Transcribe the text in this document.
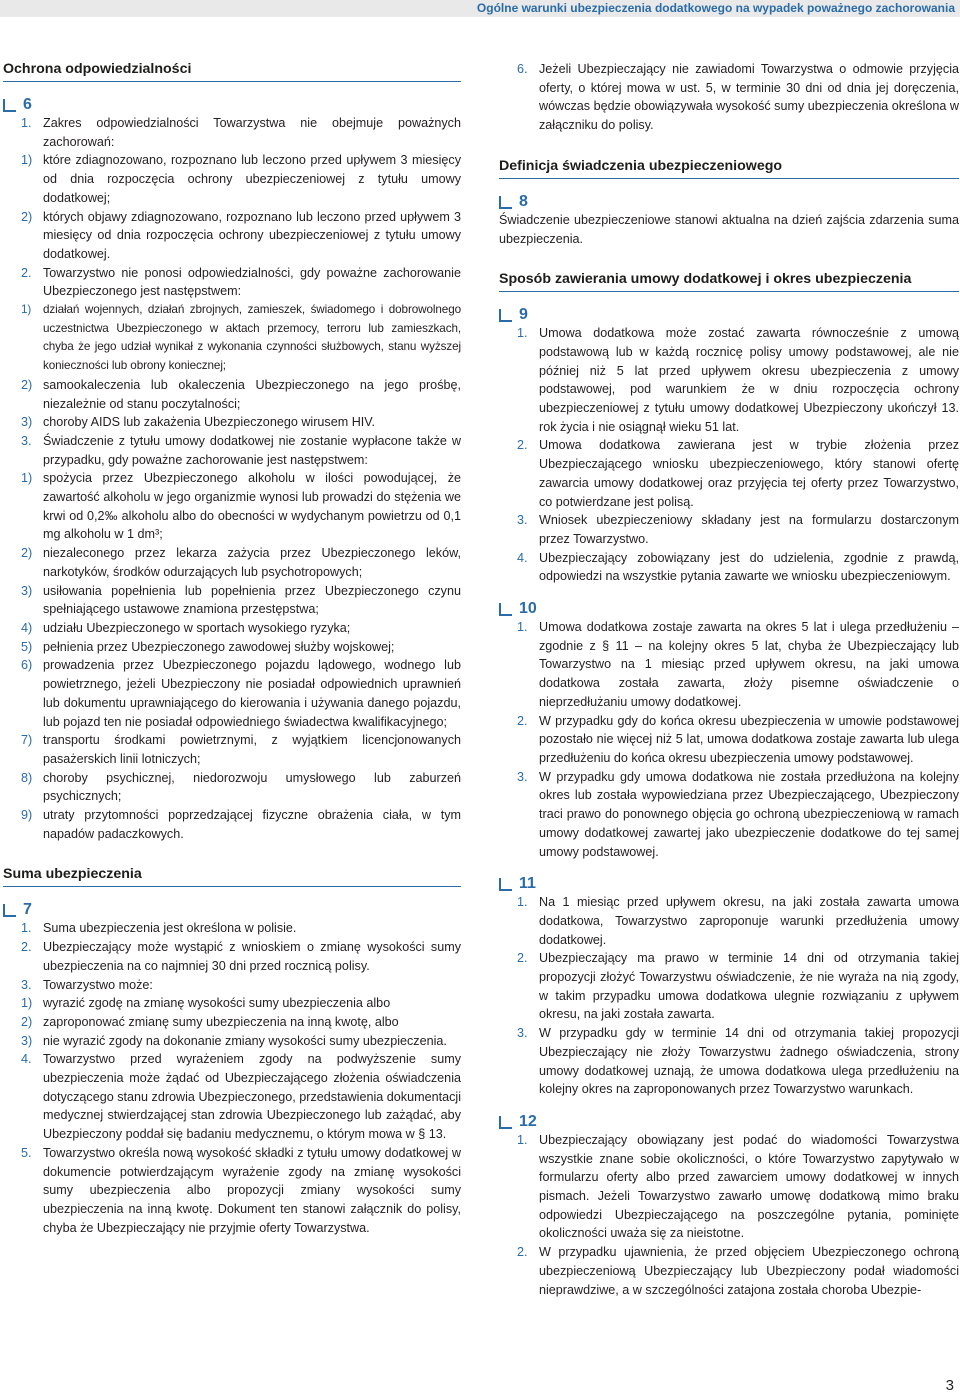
Ogólne warunki ubezpieczenia dodatkowego na wypadek poważnego zachorowania
Ochrona odpowiedzialności
6
1. Zakres odpowiedzialności Towarzystwa nie obejmuje poważnych zachorowań:
1) które zdiagnozowano, rozpoznano lub leczono przed upływem 3 miesięcy od dnia rozpoczęcia ochrony ubezpieczeniowej z tytułu umowy dodatkowej;
2) których objawy zdiagnozowano, rozpoznano lub leczono przed upływem 3 miesięcy od dnia rozpoczęcia ochrony ubezpieczeniowej z tytułu umowy dodatkowej.
2. Towarzystwo nie ponosi odpowiedzialności, gdy poważne zachorowanie Ubezpieczonego jest następstwem:
1)	działań wojennych, działań zbrojnych, zamieszek, świadomego i dobrowolnego uczestnictwa Ubezpieczonego w aktach przemocy, terroru lub zamieszkach, chyba że jego udział wynikał z wykonania czynności służbowych, stanu wyższej konieczności lub obrony koniecznej;
2) samookaleczenia lub okaleczenia Ubezpieczonego na jego prośbę, niezależnie od stanu poczytalności;
3) choroby AIDS lub zakażenia Ubezpieczonego wirusem HIV.
3. Świadczenie z tytułu umowy dodatkowej nie zostanie wypłacone także w przypadku, gdy poważne zachorowanie jest następstwem:
1) spożycia przez Ubezpieczonego alkoholu w ilości powodującej, że zawartość alkoholu w jego organizmie wynosi lub prowadzi do stężenia we krwi od 0,2‰ alkoholu albo do obecności w wydychanym powietrzu od 0,1 mg alkoholu w 1 dm³;
2) niezaleconego przez lekarza zażycia przez Ubezpieczonego leków, narkotyków, środków odurzających lub psychotropowych;
3) usiłowania popełnienia lub popełnienia przez Ubezpieczonego czynu spełniającego ustawowe znamiona przestępstwa;
4) udziału Ubezpieczonego w sportach wysokiego ryzyka;
5) pełnienia przez Ubezpieczonego zawodowej służby wojskowej;
6) prowadzenia przez Ubezpieczonego pojazdu lądowego, wodnego lub powietrznego, jeżeli Ubezpieczony nie posiadał odpowiednich uprawnień lub dokumentu uprawniającego do kierowania i używania danego pojazdu, lub pojazd ten nie posiadał odpowiedniego świadectwa kwalifikacyjnego;
7) transportu środkami powietrznymi, z wyjątkiem licencjonowanych pasażerskich linii lotniczych;
8) choroby psychicznej, niedorozwoju umysłowego lub zaburzeń psychicznych;
9) utraty przytomności poprzedzającej fizyczne obrażenia ciała, w tym napadów padaczkowych.
Suma ubezpieczenia
7
1. Suma ubezpieczenia jest określona w polisie.
2. Ubezpieczający może wystąpić z wnioskiem o zmianę wysokości sumy ubezpieczenia na co najmniej 30 dni przed rocznicą polisy.
3. Towarzystwo może:
1) wyrazić zgodę na zmianę wysokości sumy ubezpieczenia albo
2) zaproponować zmianę sumy ubezpieczenia na inną kwotę, albo
3) nie wyrazić zgody na dokonanie zmiany wysokości sumy ubezpieczenia.
4. Towarzystwo przed wyrażeniem zgody na podwyższenie sumy ubezpieczenia może żądać od Ubezpieczającego złożenia oświadczenia dotyczącego stanu zdrowia Ubezpieczonego, przedstawienia dokumentacji medycznej stwierdzającej stan zdrowia Ubezpieczonego lub zażądać, aby Ubezpieczony poddał się badaniu medycznemu, o którym mowa w § 13.
5. Towarzystwo określa nową wysokość składki z tytułu umowy dodatkowej w dokumencie potwierdzającym wyrażenie zgody na zmianę wysokości sumy ubezpieczenia albo propozycji zmiany wysokości sumy ubezpieczenia na inną kwotę. Dokument ten stanowi załącznik do polisy, chyba że Ubezpieczający nie przyjmie oferty Towarzystwa.
6. Jeżeli Ubezpieczający nie zawiadomi Towarzystwa o odmowie przyjęcia oferty, o której mowa w ust. 5, w terminie 30 dni od dnia jej doręczenia, wówczas będzie obowiązywała wysokość sumy ubezpieczenia określona w załączniku do polisy.
Definicja świadczenia ubezpieczeniowego
8
Świadczenie ubezpieczeniowe stanowi aktualna na dzień zajścia zdarzenia suma ubezpieczenia.
Sposób zawierania umowy dodatkowej i okres ubezpieczenia
9
1. Umowa dodatkowa może zostać zawarta równocześnie z umową podstawową lub w każdą rocznicę polisy umowy podstawowej, ale nie później niż 5 lat przed upływem okresu ubezpieczenia z umowy podstawowej, pod warunkiem że w dniu rozpoczęcia ochrony ubezpieczeniowej z tytułu umowy dodatkowej Ubezpieczony ukończył 13. rok życia i nie osiągnął wieku 51 lat.
2. Umowa dodatkowa zawierana jest w trybie złożenia przez Ubezpieczającego wniosku ubezpieczeniowego, który stanowi ofertę zawarcia umowy dodatkowej oraz przyjęcia tej oferty przez Towarzystwo, co potwierdzane jest polisą.
3. Wniosek ubezpieczeniowy składany jest na formularzu dostarczonym przez Towarzystwo.
4. Ubezpieczający zobowiązany jest do udzielenia, zgodnie z prawdą, odpowiedzi na wszystkie pytania zawarte we wniosku ubezpieczeniowym.
10
1. Umowa dodatkowa zostaje zawarta na okres 5 lat i ulega przedłużeniu – zgodnie z § 11 – na kolejny okres 5 lat, chyba że Ubezpieczający lub Towarzystwo na 1 miesiąc przed upływem okresu, na jaki umowa dodatkowa została zawarta, złoży pisemne oświadczenie o nieprzedłużaniu umowy dodatkowej.
2. W przypadku gdy do końca okresu ubezpieczenia w umowie podstawowej pozostało nie więcej niż 5 lat, umowa dodatkowa zostaje zawarta lub ulega przedłużeniu do końca okresu ubezpieczenia umowy podstawowej.
3. W przypadku gdy umowa dodatkowa nie została przedłużona na kolejny okres lub została wypowiedziana przez Ubezpieczającego, Ubezpieczony traci prawo do ponownego objęcia go ochroną ubezpieczeniową w ramach umowy dodatkowej zawartej jako ubezpieczenie dodatkowe do tej samej umowy podstawowej.
11
1. Na 1 miesiąc przed upływem okresu, na jaki została zawarta umowa dodatkowa, Towarzystwo zaproponuje warunki przedłużenia umowy dodatkowej.
2. Ubezpieczający ma prawo w terminie 14 dni od otrzymania takiej propozycji złożyć Towarzystwu oświadczenie, że nie wyraża na nią zgody, w takim przypadku umowa dodatkowa ulegnie rozwiązaniu z upływem okresu, na jaki została zawarta.
3. W przypadku gdy w terminie 14 dni od otrzymania takiej propozycji Ubezpieczający nie złoży Towarzystwu żadnego oświadczenia, strony umowy dodatkowej uznają, że umowa dodatkowa ulega przedłużeniu na kolejny okres na zaproponowanych przez Towarzystwo warunkach.
12
1. Ubezpieczający obowiązany jest podać do wiadomości Towarzystwa wszystkie znane sobie okoliczności, o które Towarzystwo zapytywało w formularzu oferty albo przed zawarciem umowy dodatkowej w innych pismach. Jeżeli Towarzystwo zawarło umowę dodatkową mimo braku odpowiedzi Ubezpieczającego na poszczególne pytania, pominięte okoliczności uważa się za nieistotne.
2. W przypadku ujawnienia, że przed objęciem Ubezpieczonego ochroną ubezpieczeniową Ubezpieczający lub Ubezpieczony podał wiadomości nieprawdziwe, a w szczególności zatajona została choroba Ubezpie-
3
